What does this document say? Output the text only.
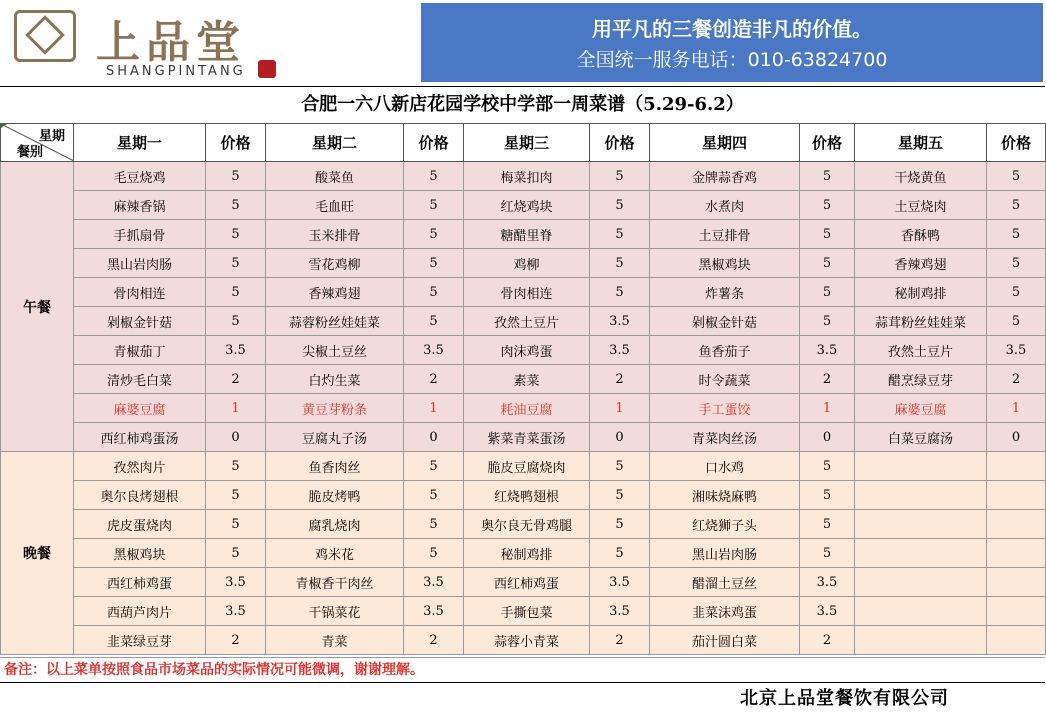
上品堂
SHANGPINTANG
用平凡的三餐创造非凡的价值。
全国统一服务电话：010-63824700
合肥一六八新店花园学校中学部一周菜谱（5.29-6.2）
星期
餐别	星期一	价格	星期二	价格	星期三	价格	星期四	价格	星期五	价格
午餐	毛豆烧鸡	5	酸菜鱼	5	梅菜扣肉	5	金牌蒜香鸡	5	干烧黄鱼	5
	麻辣香锅	5	毛血旺	5	红烧鸡块	5	水煮肉	5	土豆烧肉	5
	手抓扇骨	5	玉米排骨	5	糖醋里脊	5	土豆排骨	5	香酥鸭	5
	黑山岩肉肠	5	雪花鸡柳	5	鸡柳	5	黑椒鸡块	5	香辣鸡翅	5
	骨肉相连	5	香辣鸡翅	5	骨肉相连	5	炸薯条	5	秘制鸡排	5
	剁椒金针菇	5	蒜蓉粉丝娃娃菜	5	孜然土豆片	3.5	剁椒金针菇	5	蒜茸粉丝娃娃菜	5
	青椒茄丁	3.5	尖椒土豆丝	3.5	肉沫鸡蛋	3.5	鱼香茄子	3.5	孜然土豆片	3.5
	清炒毛白菜	2	白灼生菜	2	素菜	2	时令蔬菜	2	醋烹绿豆芽	2
	麻婆豆腐	1	黄豆芽粉条	1	耗油豆腐	1	手工蛋饺	1	麻婆豆腐	1
	西红柿鸡蛋汤	0	豆腐丸子汤	0	紫菜青菜蛋汤	0	青菜肉丝汤	0	白菜豆腐汤	0
晚餐	孜然肉片	5	鱼香肉丝	5	脆皮豆腐烧肉	5	口水鸡	5		
	奥尔良烤翅根	5	脆皮烤鸭	5	红烧鸭翅根	5	湘味烧麻鸭	5		
	虎皮蛋烧肉	5	腐乳烧肉	5	奥尔良无骨鸡腿	5	红烧狮子头	5		
	黑椒鸡块	5	鸡米花	5	秘制鸡排	5	黑山岩肉肠	5		
	西红柿鸡蛋	3.5	青椒香干肉丝	3.5	西红柿鸡蛋	3.5	醋溜土豆丝	3.5		
	西葫芦肉片	3.5	干锅菜花	3.5	手撕包菜	3.5	韭菜沫鸡蛋	3.5		
	韭菜绿豆芽	2	青菜	2	蒜蓉小青菜	2	茄汁圆白菜	2		
备注：以上菜单按照食品市场菜品的实际情况可能微调，谢谢理解。
北京上品堂餐饮有限公司
